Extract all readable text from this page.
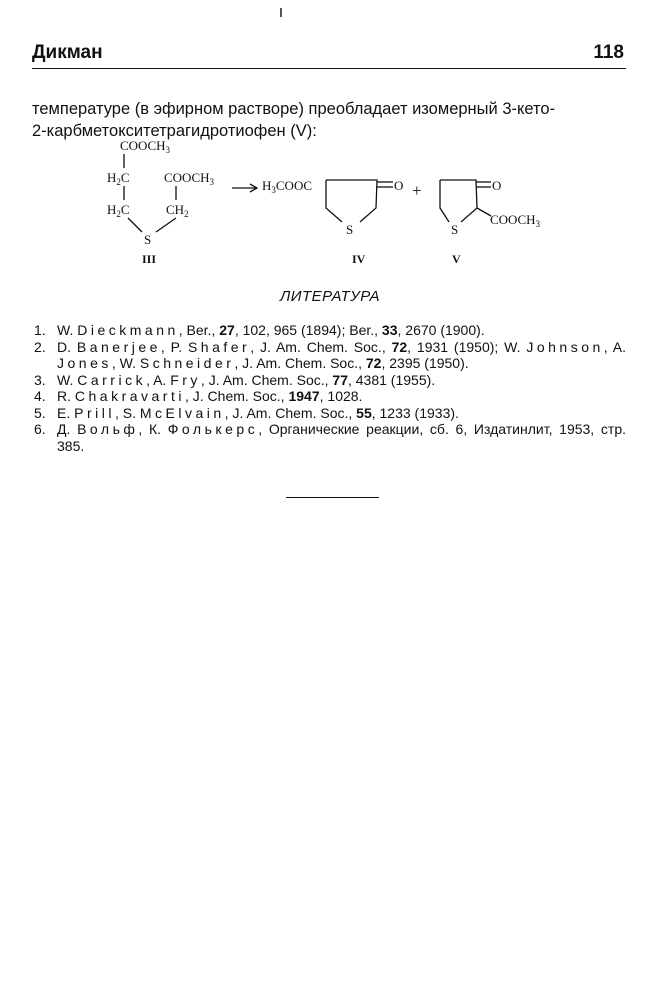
Дикман	118
температуре (в эфирном растворе) преобладает изомерный 3-кето-
2-карбметокситетрагидротиофен (V):
$COOCH_3$
$H_2C$	$COOCH_3$
$H_2C$	$CH_2$
S
III
$H_3COOC$	O
S
IV
+	O
$COOCH_3$
S
V
ЛИТЕРАТУРА
1. W. Dieckmann, Ber., 27, 102, 965 (1894); Ber., 33, 2670 (1900).
2. D. Banerjee, P. Shafer, J. Am. Chem. Soc., 72, 1931 (1950); W. Johnson, A. Jones, W. Schneider, J. Am. Chem. Soc., 72, 2395 (1950).
3. W. Carrick, A. Fry, J. Am. Chem. Soc., 77, 4381 (1955).
4. R. Chakravarti, J. Chem. Soc., 1947, 1028.
5. E. Prill, S. McElvain, J. Am. Chem. Soc., 55, 1233 (1933).
6. Д. Вольф, К. Фолькерс, Органические реакции, сб. 6, Издатинлит, 1953, стр. 385.
